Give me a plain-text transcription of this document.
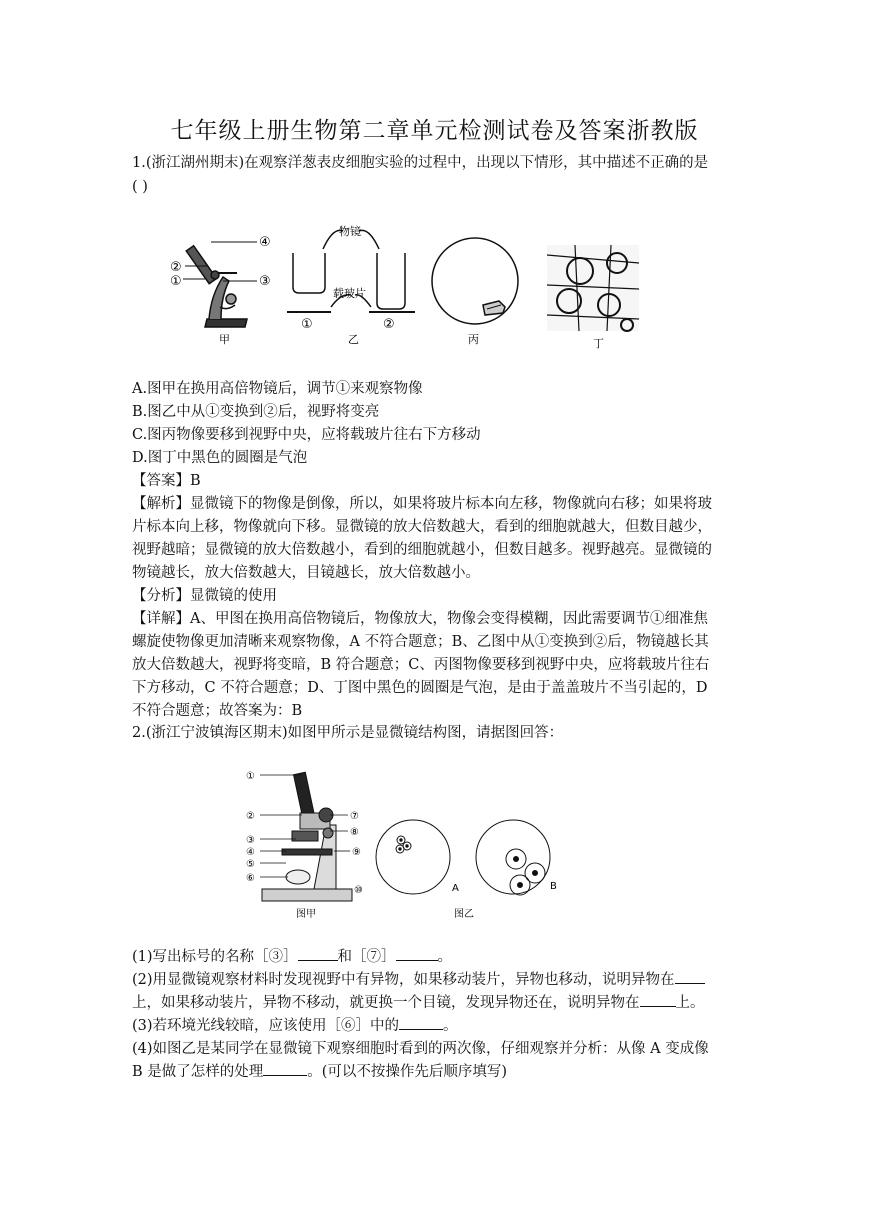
七年级上册生物第二章单元检测试卷及答案浙教版
1.(浙江湖州期末)在观察洋葱表皮细胞实验的过程中，出现以下情形，其中描述不正确的是
( )
④
②
①	③
甲
物镜
载玻片
①	②
乙	丙	丁
A.图甲在换用高倍物镜后，调节①来观察物像
B.图乙中从①变换到②后，视野将变亮
C.图丙物像要移到视野中央，应将载玻片往右下方移动
D.图丁中黑色的圆圈是气泡
【答案】B
【解析】显微镜下的物像是倒像，所以，如果将玻片标本向左移，物像就向右移；如果将玻
片标本向上移，物像就向下移。显微镜的放大倍数越大，看到的细胞就越大，但数目越少，
视野越暗；显微镜的放大倍数越小，看到的细胞就越小，但数目越多。视野越亮。显微镜的
物镜越长，放大倍数越大，目镜越长，放大倍数越小。
【分析】显微镜的使用
【详解】A、甲图在换用高倍物镜后，物像放大，物像会变得模糊，因此需要调节①细准焦
螺旋使物像更加清晰来观察物像，A 不符合题意；B、乙图中从①变换到②后，物镜越长其
放大倍数越大，视野将变暗，B 符合题意；C、丙图物像要移到视野中央，应将载玻片往右
下方移动，C 不符合题意；D、丁图中黑色的圆圈是气泡，是由于盖盖玻片不当引起的，D
不符合题意；故答案为：B
2.(浙江宁波镇海区期末)如图甲所示是显微镜结构图，请据图回答：
①
②
③
④
⑤
⑥
⑦
⑧
⑨
⑩
图甲
A	B
图乙
(1)写出标号的名称［③］	和［⑦］	。
(2)用显微镜观察材料时发现视野中有异物，如果移动装片，异物也移动，说明异物在
上，如果移动装片，异物不移动，就更换一个目镜，发现异物还在，说明异物在 上。
(3)若环境光线较暗，应该使用［⑥］中的	。
(4)如图乙是某同学在显微镜下观察细胞时看到的两次像，仔细观察并分析：从像 A 变成像
B 是做了怎样的处理	。(可以不按操作先后顺序填写)
